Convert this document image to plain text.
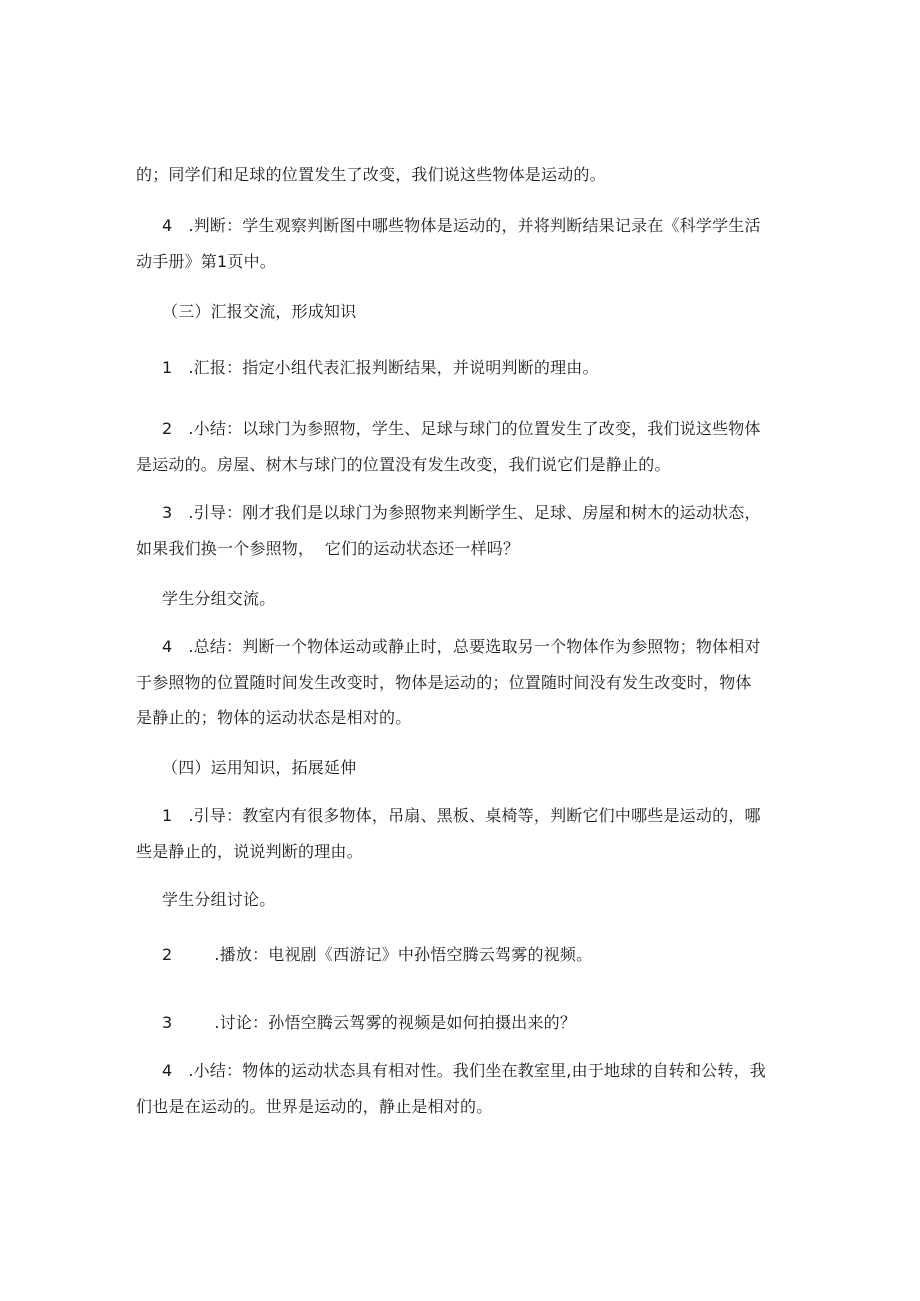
的；同学们和足球的位置发生了改变，我们说这些物体是运动的。
4 .判断：学生观察判断图中哪些物体是运动的，并将判断结果记录在《科学学生活
动手册》第1页中。
（三）汇报交流，形成知识
1 .汇报：指定小组代表汇报判断结果，并说明判断的理由。
2 .小结：以球门为参照物，学生、足球与球门的位置发生了改变，我们说这些物体
是运动的。房屋、树木与球门的位置没有发生改变，我们说它们是静止的。
3 .引导：刚才我们是以球门为参照物来判断学生、足球、房屋和树木的运动状态，
如果我们换一个参照物，  它们的运动状态还一样吗？
学生分组交流。
4 .总结：判断一个物体运动或静止时，总要选取另一个物体作为参照物；物体相对
于参照物的位置随时间发生改变时，物体是运动的；位置随时间没有发生改变时，物体
是静止的；物体的运动状态是相对的。
（四）运用知识，拓展延伸
1 .引导：教室内有很多物体，吊扇、黑板、桌椅等，判断它们中哪些是运动的，哪
些是静止的，说说判断的理由。
学生分组讨论。
2	.播放：电视剧《西游记》中孙悟空腾云驾雾的视频。
3	.讨论：孙悟空腾云驾雾的视频是如何拍摄出来的？
4 .小结：物体的运动状态具有相对性。我们坐在教室里,由于地球的自转和公转，我
们也是在运动的。世界是运动的，静止是相对的。
